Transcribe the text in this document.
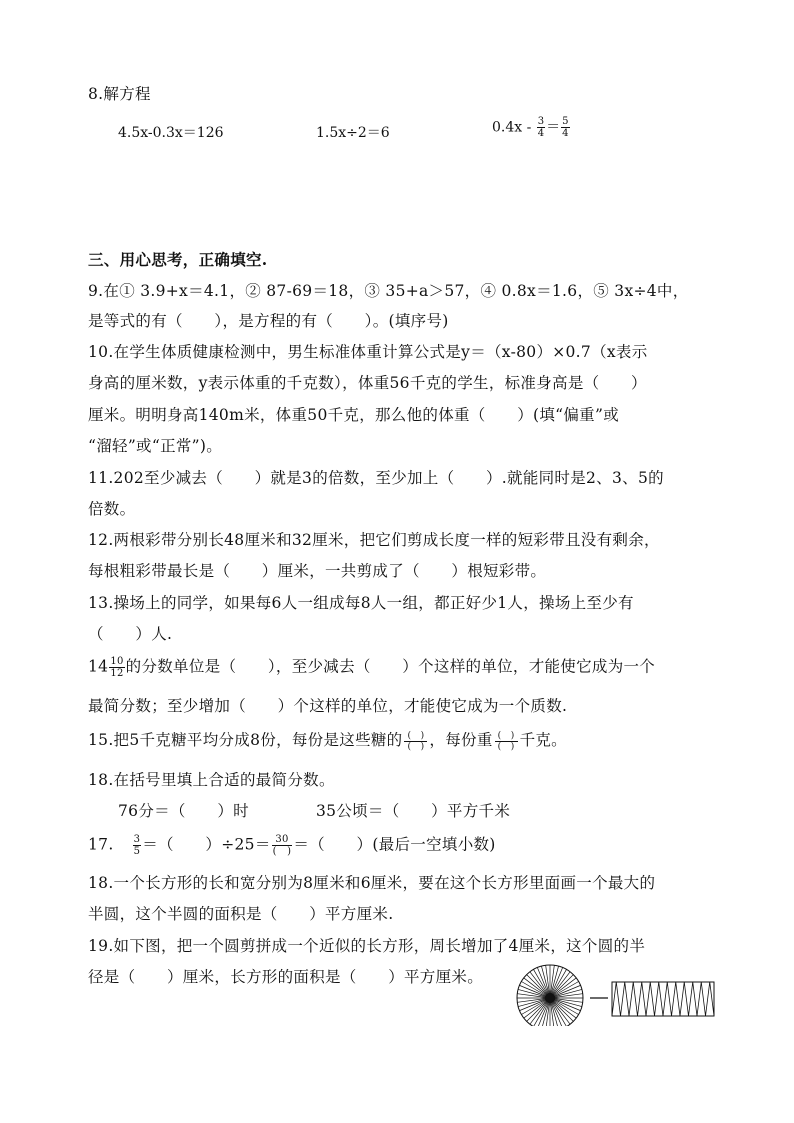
8.解方程
4.5x-0.3x＝126	1.5x÷2＝6	$0.4x - \frac{3}{4} = \frac{5}{4}$
三、用心思考，正确填空.
9.在① 3.9+x＝4.1，② 87-69＝18，③ 35+a＞57，④ 0.8x＝1.6，⑤ 3x÷4中，
是等式的有（　　），是方程的有（　　）。(填序号)
10.在学生体质健康检测中，男生标准体重计算公式是y＝（x-80）×0.7（x表示
身高的厘米数，y表示体重的千克数），体重56千克的学生，标准身高是（　　）
厘米。明明身高140m米，体重50千克，那么他的体重（　　）(填“偏重”或
“溜轻”或“正常”)。
11.202至少减去（　　）就是3的倍数，至少加上（　　）.就能同时是2、3、5的
倍数。
12.两根彩带分别长48厘米和32厘米，把它们剪成长度一样的短彩带且没有剩余，
每根粗彩带最长是（　　）厘米，一共剪成了（　　）根短彩带。
13.操场上的同学，如果每6人一组成每8人一组，都正好少1人，操场上至少有
（　　）人.
$14 \frac{10}{12}$ 的分数单位是（　　），至少减去（　　）个这样的单位，才能使它成为一个
最简分数；至少增加（　　）个这样的单位，才能使它成为一个质数.
15.把5千克糖平均分成8份，每份是这些糖的 (　)
(　) ，每份重 (　)
(　) 千克。
18.在括号里填上合适的最简分数。
76分＝（　　）时	35公顷＝（　　）平方千米
17. $\frac{3}{5}$ ＝（　　）$\div 25= \frac{30}{( )}$ ＝（　　）(最后一空填小数)
18.一个长方形的长和宽分别为8厘米和6厘米，要在这个长方形里面画一个最大的
半圆，这个半圆的面积是（　　）平方厘米.
19.如下图，把一个圆剪拼成一个近似的长方形，周长增加了4厘米，这个圆的半
径是（　　）厘米，长方形的面积是（　　）平方厘米。
